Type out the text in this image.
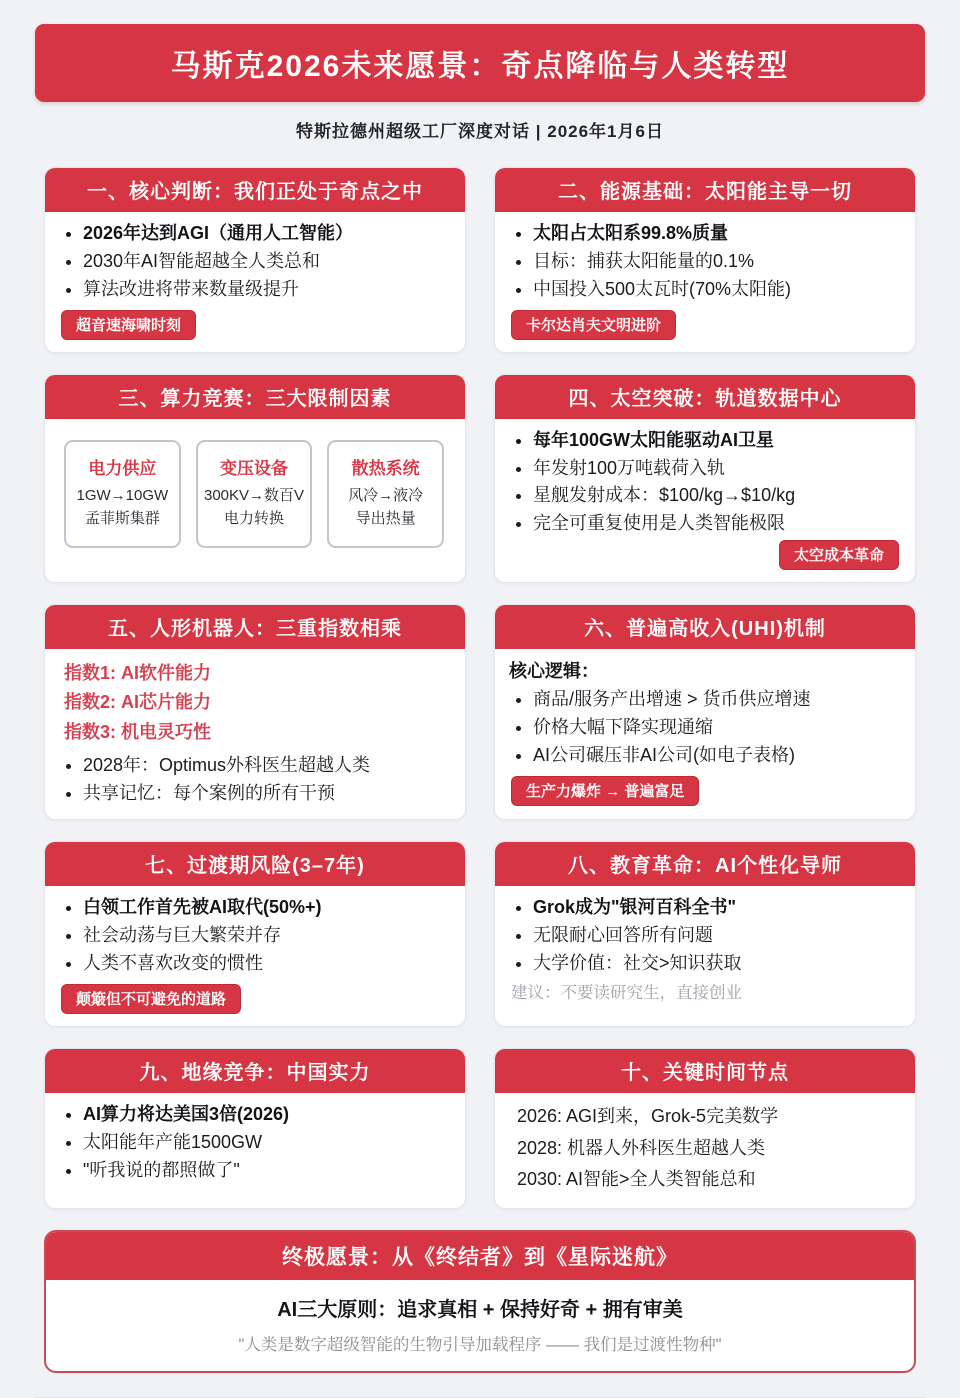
马斯克2026未来愿景：奇点降临与人类转型
特斯拉德州超级工厂深度对话 | 2026年1月6日
一、核心判断：我们正处于奇点之中
• 2026年达到AGI（通用人工智能）
• 2030年AI智能超越全人类总和
• 算法改进将带来数量级提升
超音速海啸时刻
二、能源基础：太阳能主导一切
• 太阳占太阳系99.8%质量
• 目标：捕获太阳能量的0.1%
• 中国投入500太瓦时(70%太阳能)
卡尔达肖夫文明进阶
三、算力竞赛：三大限制因素
电力供应
1GW→10GW
孟菲斯集群
变压设备
300KV→数百V
电力转换
散热系统
风冷→液冷
导出热量
四、太空突破：轨道数据中心
• 每年100GW太阳能驱动AI卫星
• 年发射100万吨载荷入轨
• 星舰发射成本：$100/kg→$10/kg
• 完全可重复使用是人类智能极限
太空成本革命
五、人形机器人：三重指数相乘
指数1: AI软件能力
指数2: AI芯片能力
指数3: 机电灵巧性
• 2028年：Optimus外科医生超越人类
• 共享记忆：每个案例的所有干预
六、普遍高收入(UHI)机制
核心逻辑：
• 商品/服务产出增速 > 货币供应增速
• 价格大幅下降实现通缩
• AI公司碾压非AI公司(如电子表格)
生产力爆炸 → 普遍富足
七、过渡期风险(3–7年)
• 白领工作首先被AI取代(50%+)
• 社会动荡与巨大繁荣并存
• 人类不喜欢改变的惯性
颠簸但不可避免的道路
八、教育革命：AI个性化导师
• Grok成为"银河百科全书"
• 无限耐心回答所有问题
• 大学价值：社交>知识获取
建议：不要读研究生，直接创业
九、地缘竞争：中国实力
• AI算力将达美国3倍(2026)
• 太阳能年产能1500GW
• "听我说的都照做了"
十、关键时间节点
2026: AGI到来，Grok-5完美数学
2028: 机器人外科医生超越人类
2030: AI智能>全人类智能总和
终极愿景：从《终结者》到《星际迷航》
AI三大原则：追求真相 + 保持好奇 + 拥有审美
"人类是数字超级智能的生物引导加载程序 —— 我们是过渡性物种"
